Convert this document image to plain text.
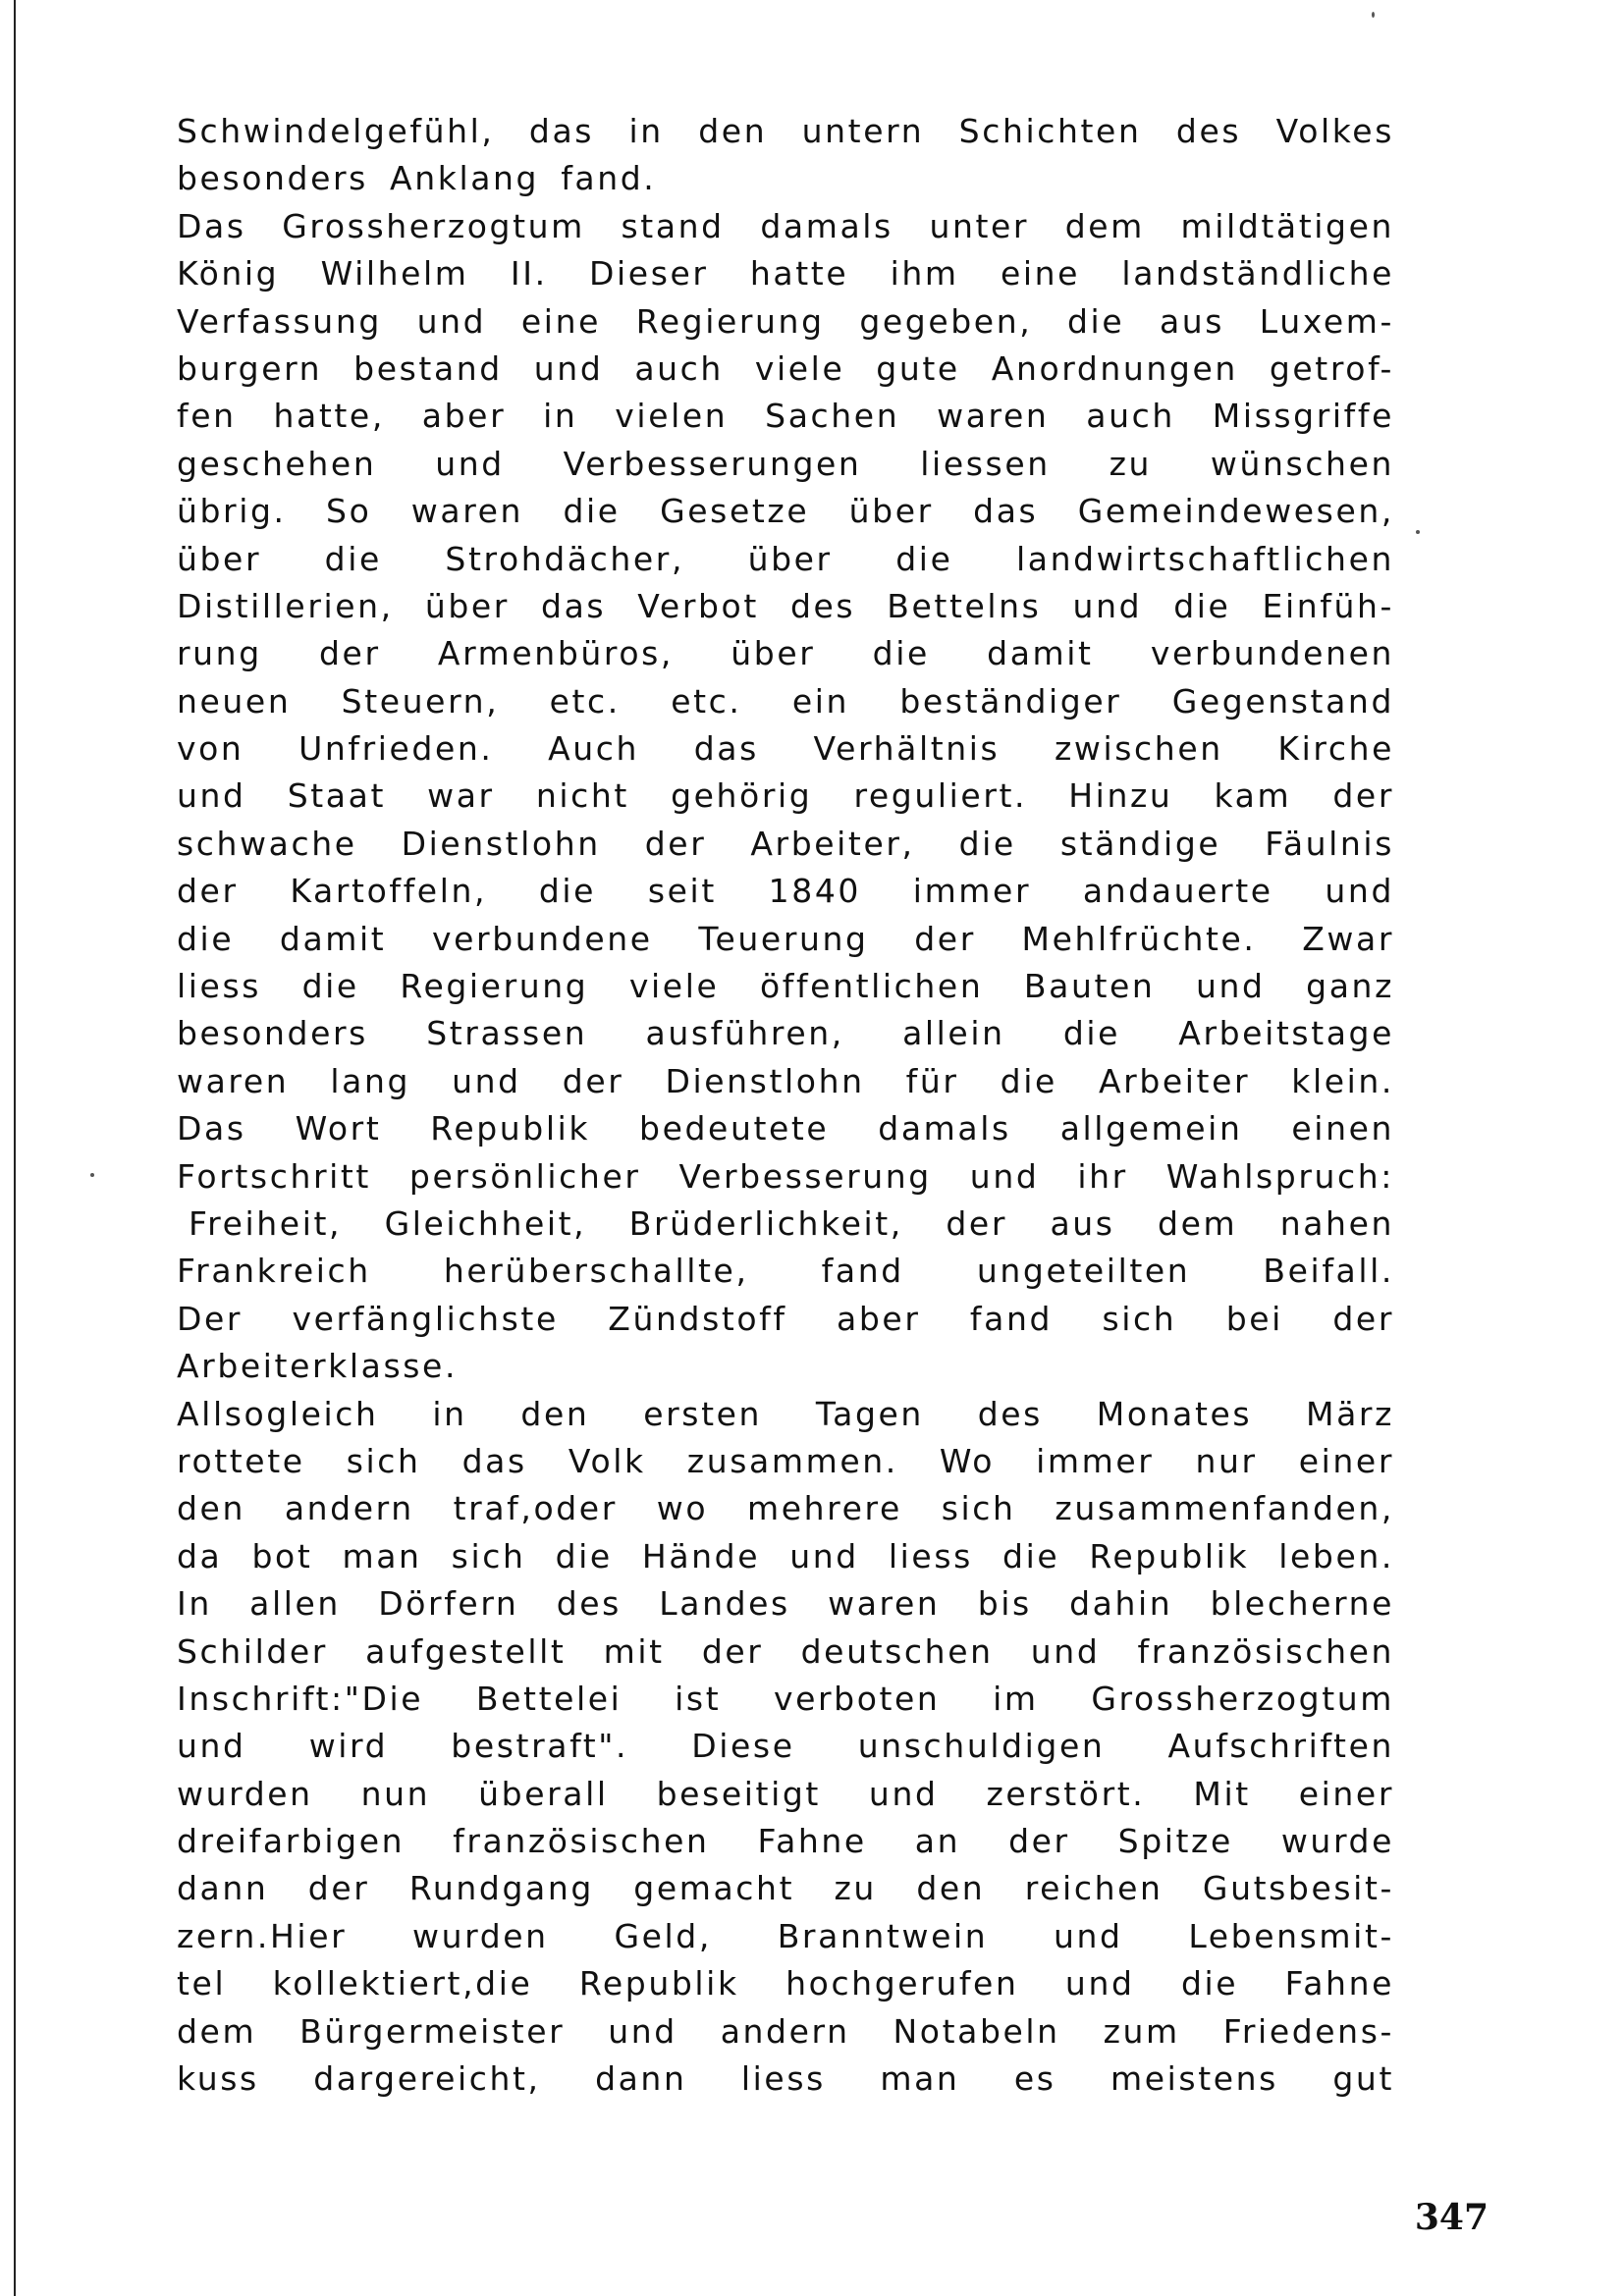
Schwindelgefühl, das in den untern Schichten des Volkes
besonders Anklang fand.
Das Grossherzogtum stand damals unter dem mildtätigen
König Wilhelm II. Dieser hatte ihm eine landständliche
Verfassung und eine Regierung gegeben, die aus Luxem-
burgern bestand und auch viele gute Anordnungen getrof-
fen hatte, aber in vielen Sachen waren auch Missgriffe
geschehen und Verbesserungen liessen zu wünschen
übrig. So waren die Gesetze über das Gemeindewesen,
über die Strohdächer, über die landwirtschaftlichen
Distillerien, über das Verbot des Bettelns und die Einfüh-
rung der Armenbüros, über die damit verbundenen
neuen Steuern, etc. etc. ein beständiger Gegenstand
von Unfrieden. Auch das Verhältnis zwischen Kirche
und Staat war nicht gehörig reguliert. Hinzu kam der
schwache Dienstlohn der Arbeiter, die ständige Fäulnis
der Kartoffeln, die seit 1840 immer andauerte und
die damit verbundene Teuerung der Mehlfrüchte. Zwar
liess die Regierung viele öffentlichen Bauten und ganz
besonders Strassen ausführen, allein die Arbeitstage
waren lang und der Dienstlohn für die Arbeiter klein.
Das Wort Republik bedeutete damals allgemein einen
Fortschritt persönlicher Verbesserung und ihr Wahlspruch:
Freiheit, Gleichheit, Brüderlichkeit, der aus dem nahen
Frankreich herüberschallte, fand ungeteilten Beifall.
Der verfänglichste Zündstoff aber fand sich bei der
Arbeiterklasse.
Allsogleich in den ersten Tagen des Monates März
rottete sich das Volk zusammen. Wo immer nur einer
den andern traf,oder wo mehrere sich zusammenfanden,
da bot man sich die Hände und liess die Republik leben.
In allen Dörfern des Landes waren bis dahin blecherne
Schilder aufgestellt mit der deutschen und französischen
Inschrift:"Die Bettelei ist verboten im Grossherzogtum
und wird bestraft". Diese unschuldigen Aufschriften
wurden nun überall beseitigt und zerstört. Mit einer
dreifarbigen französischen Fahne an der Spitze wurde
dann der Rundgang gemacht zu den reichen Gutsbesit-
zern.Hier wurden Geld, Branntwein und Lebensmit-
tel kollektiert,die Republik hochgerufen und die Fahne
dem Bürgermeister und andern Notabeln zum Friedens-
kuss dargereicht, dann liess man es meistens gut
347
